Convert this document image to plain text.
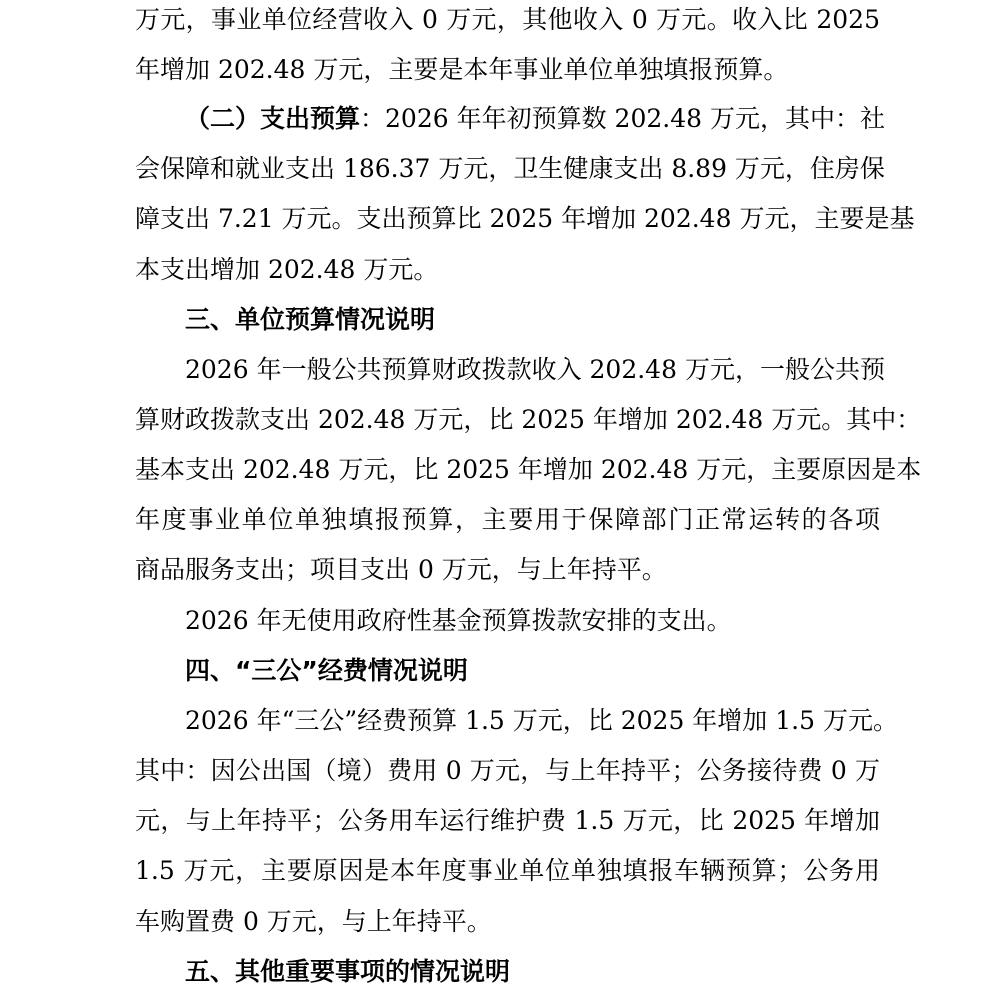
万元，事业单位经营收入 0 万元，其他收入 0 万元。收入比 2025
年增加 202.48 万元，主要是本年事业单位单独填报预算。
（二）支出预算：2026 年年初预算数 202.48 万元，其中：社
会保障和就业支出 186.37 万元，卫生健康支出 8.89 万元，住房保
障支出 7.21 万元。支出预算比 2025 年增加 202.48 万元，主要是基
本支出增加 202.48 万元。
三、单位预算情况说明
2026 年一般公共预算财政拨款收入 202.48 万元，一般公共预
算财政拨款支出 202.48 万元，比 2025 年增加 202.48 万元。其中：
基本支出 202.48 万元，比 2025 年增加 202.48 万元，主要原因是本
年度事业单位单独填报预算，主要用于保障部门正常运转的各项
商品服务支出；项目支出 0 万元，与上年持平。
2026 年无使用政府性基金预算拨款安排的支出。
四、“三公”经费情况说明
2026 年“三公”经费预算 1.5 万元，比 2025 年增加 1.5 万元。
其中：因公出国（境）费用 0 万元，与上年持平；公务接待费 0 万
元，与上年持平；公务用车运行维护费 1.5 万元，比 2025 年增加
1.5 万元，主要原因是本年度事业单位单独填报车辆预算；公务用
车购置费 0 万元，与上年持平。
五、其他重要事项的情况说明
